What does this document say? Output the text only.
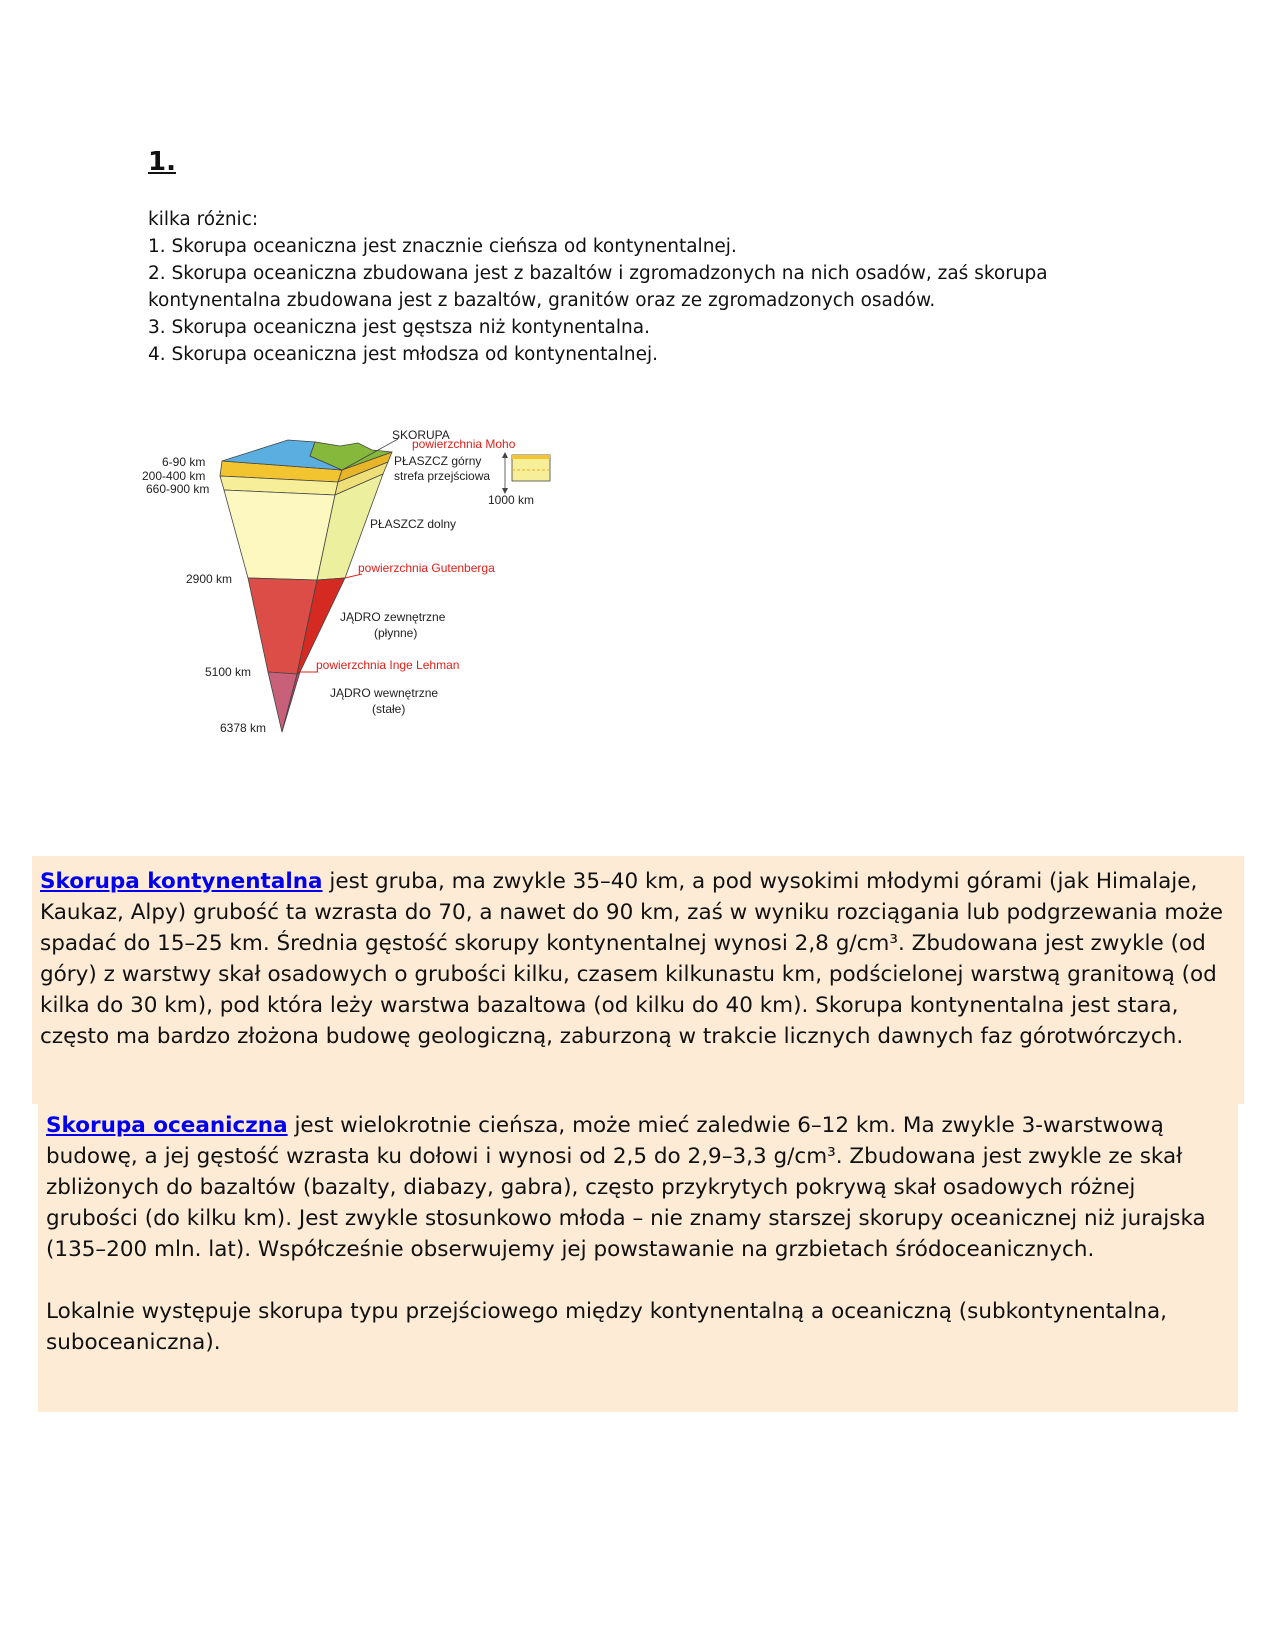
1.

kilka różnic:

1. Skorupa oceaniczna jest znacznie cieńsza od kontynentalnej.

2. Skorupa oceaniczna zbudowana jest z bazaltów i zgromadzonych na nich osadów, zaś skorupa kontynentalna zbudowana jest z bazaltów, granitów oraz ze zgromadzonych osadów.

3. Skorupa oceaniczna jest gęstsza niż kontynentalna.

4. Skorupa oceaniczna jest młodsza od kontynentalnej.

6-90 km
200-400 km
660-900 km
2900 km
5100 km
6378 km
SKORUPA
powierzchnia Moho
PŁASZCZ górny
strefa przejściowa
1000 km
PŁASZCZ dolny
powierzchnia Gutenberga
JĄDRO zewnętrzne
(płynne)
powierzchnia Inge Lehman
JĄDRO wewnętrzne
(stałe)

Skorupa kontynentalna jest gruba, ma zwykle 35–40 km, a pod wysokimi młodymi górami (jak Himalaje, Kaukaz, Alpy) grubość ta wzrasta do 70, a nawet do 90 km, zaś w wyniku rozciągania lub podgrzewania może spadać do 15–25 km. Średnia gęstość skorupy kontynentalnej wynosi 2,8 g/cm³. Zbudowana jest zwykle (od góry) z warstwy skał osadowych o grubości kilku, czasem kilkunastu km, podścielonej warstwą granitową (od kilka do 30 km), pod która leży warstwa bazaltowa (od kilku do 40 km). Skorupa kontynentalna jest stara, często ma bardzo złożona budowę geologiczną, zaburzoną w trakcie licznych dawnych faz górotwórczych.

Skorupa oceaniczna jest wielokrotnie cieńsza, może mieć zaledwie 6–12 km. Ma zwykle 3-warstwową budowę, a jej gęstość wzrasta ku dołowi i wynosi od 2,5 do 2,9–3,3 g/cm³. Zbudowana jest zwykle ze skał zbliżonych do bazaltów (bazalty, diabazy, gabra), często przykrytych pokrywą skał osadowych różnej grubości (do kilku km). Jest zwykle stosunkowo młoda – nie znamy starszej skorupy oceanicznej niż jurajska (135–200 mln. lat). Współcześnie obserwujemy jej powstawanie na grzbietach śródoceanicznych.

Lokalnie występuje skorupa typu przejściowego między kontynentalną a oceaniczną (subkontynentalna, suboceaniczna).
